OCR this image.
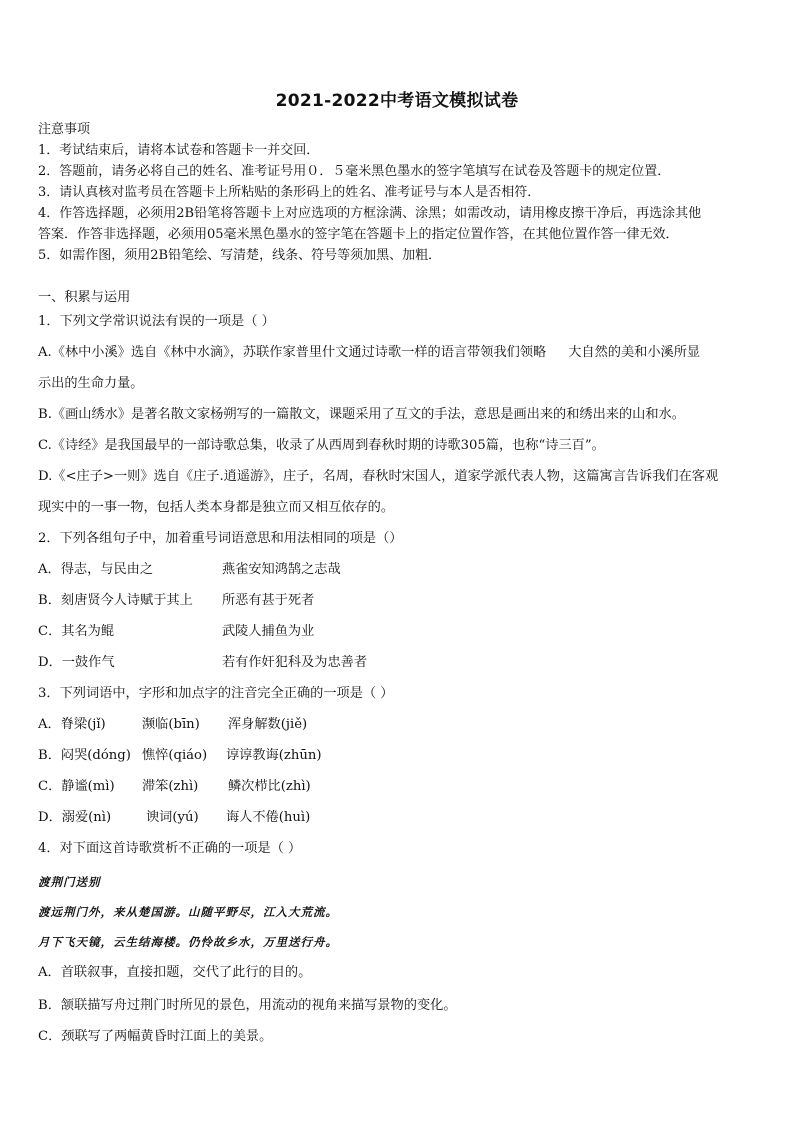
2021-2022中考语文模拟试卷
注意事项
1．考试结束后，请将本试卷和答题卡一并交回．
2．答题前，请务必将自己的姓名、准考证号用０．５毫米黑色墨水的签字笔填写在试卷及答题卡的规定位置．
3．请认真核对监考员在答题卡上所粘贴的条形码上的姓名、准考证号与本人是否相符．
4．作答选择题，必须用2B铅笔将答题卡上对应选项的方框涂满、涂黑；如需改动，请用橡皮擦干净后，再选涂其他
答案．作答非选择题，必须用05毫米黑色墨水的签字笔在答题卡上的指定位置作答，在其他位置作答一律无效．
5．如需作图，须用2B铅笔绘、写清楚，线条、符号等须加黑、加粗．
一、积累与运用
1．下列文学常识说法有误的一项是（ ）
A.《林中小溪》选自《林中水滴》，苏联作家普里什文通过诗歌一样的语言带领我们领略 大自然的美和小溪所显
示出的生命力量。
B.《画山绣水》是著名散文家杨朔写的一篇散文，课题采用了互文的手法，意思是画出来的和绣出来的山和水。
C.《诗经》是我国最早的一部诗歌总集，收录了从西周到春秋时期的诗歌305篇，也称“诗三百”。
D.《<庄子>一则》选自《庄子.逍遥游》，庄子，名周，春秋时宋国人，道家学派代表人物，这篇寓言告诉我们在客观
现实中的一事一物，包括人类本身都是独立而又相互依存的。
2．下列各组句子中，加着重号词语意思和用法相同的项是（）
A．得志，与民由之	燕雀安知鸿鹄之志哉
B．刻唐贤今人诗赋于其上 所恶有甚于死者
C．其名为鲲	武陵人捕鱼为业
D．一鼓作气	若有作奸犯科及为忠善者
3．下列词语中，字形和加点字的注音完全正确的一项是（ ）
A．脊梁(jǐ)	濒临(bīn) 浑身解数(jiě)
B．闷哭(dóng) 憔悴(qiáo) 谆谆教诲(zhūn)
C．静谧(mì) 滞笨(zhì) 鳞次栉比(zhì)
D．溺爱(nì)	谀词(yú) 诲人不倦(huì)
4．对下面这首诗歌赏析不正确的一项是（ ）
渡荆门送别
渡远荆门外，来从楚国游。山随平野尽，江入大荒流。
月下飞天镜，云生结海楼。仍怜故乡水，万里送行舟。
A．首联叙事，直接扣题，交代了此行的目的。
B．颔联描写舟过荆门时所见的景色，用流动的视角来描写景物的变化。
C．颈联写了两幅黄昏时江面上的美景。
